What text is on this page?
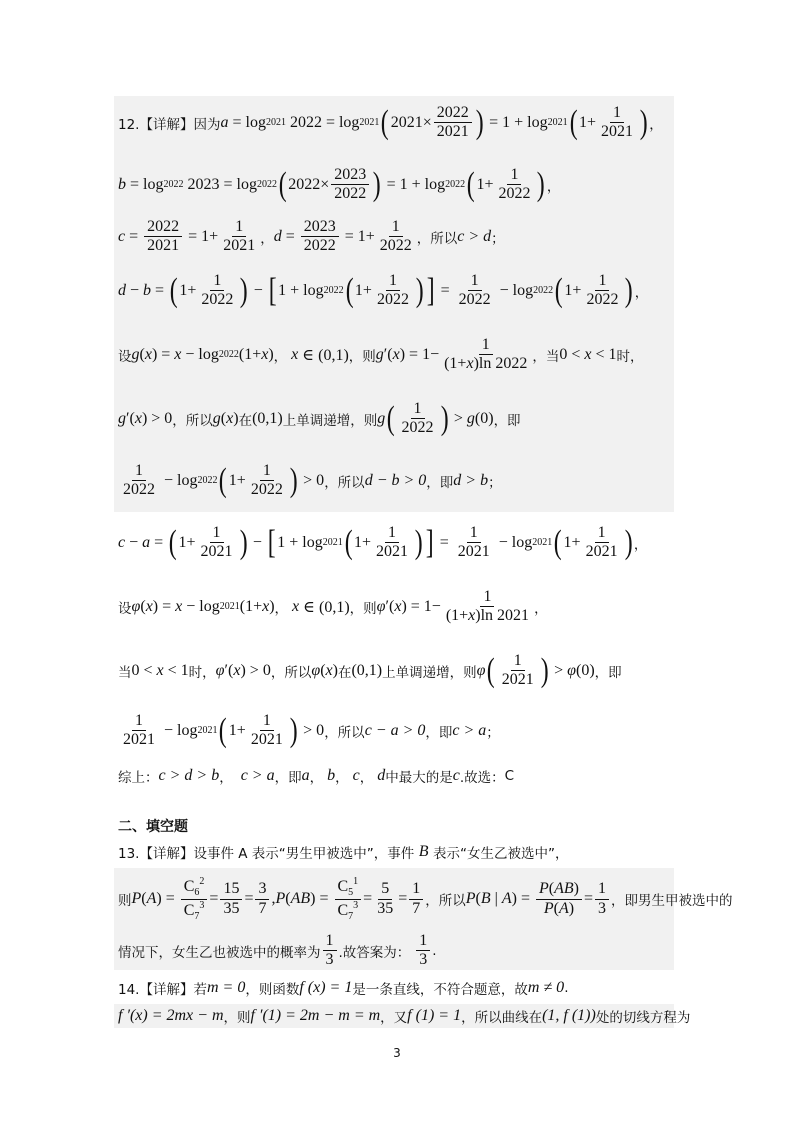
12.【详解】因为 a = log 2021 2022 = log 2021 ( $2021\times \frac{2022}{2021}$ ) = 1 + log 2021 ( $1+ \frac{1}{2021}$ ) ，
b = log 2022 2023 = log 2022 ( $2022\times \frac{2023}{2022}$ ) = 1 + log 2022 ( $1+ \frac{1}{2022}$ ) ，
$c = \frac{2022}{2021} = 1+ \frac{1}{2021}$ ， $d = \frac{2023}{2022} = 1+ \frac{1}{2022}$ ，所以 c > d ；
d − b = ( $1+ \frac{1}{2022}$ ) − [ 1 + log 2022 ( $1+ \frac{1}{2022}$ ) ] = $\frac{1}{2022} - \log 2022$ ( $1+ \frac{1}{2022}$ ) ，
设 g ( x ) = x − log 2022 (1+ x ) ，
x ∈ (0,1) ，则 g ′( x ) = $1- \frac{1}{(1+x)\ln 2022}$ ，当 0 < x < 1 时，
g ′( x ) > 0 ，所以 g ( x ) 在 (0,1) 上单调递增，则 g ( $\frac{1}{2022}$ ) > g (0) ，即
$\frac{1}{2022} - \log 2022$ ( $1+ \frac{1}{2022}$ ) > 0 ，所以 d − b > 0 ，即 d > b ；
c − a = ( $1+ \frac{1}{2021}$ ) − [ 1 + log 2021 ( $1+ \frac{1}{2021}$ ) ] = $\frac{1}{2021} - \log 2021$ ( $1+ \frac{1}{2021}$ ) ，
设 φ ( x ) = x − log 2021 (1+ x ) ，
x ∈ (0,1) ，则 φ ′( x ) = $1- \frac{1}{(1+x)\ln 2021}$ ，
当 0 < x < 1 时， φ ′( x ) > 0 ，所以 φ ( x ) 在 (0,1) 上单调递增，则 φ ( $\frac{1}{2021}$ ) > φ (0) ，即
$\frac{1}{2021} - \log 2021$ ( $1+ \frac{1}{2021}$ ) > 0 ，所以 c − a > 0 ，即 c > a ；
综上： c > d > b ，
c > a ，即 a ，
b ，
c ，
d 中最大的是 c .故选： C
二、填空题
13.【详解】设事件 A 表示“男生甲被选中”，事件
B
表示“女生乙被选中”，
则 P ( A ) = $\frac{C_6^2}{C_7^3} = \frac{15}{35} = \frac{3}{7}$ , P ( AB ) = $\frac{C_5^1}{C_7^3} = \frac{5}{35} = \frac{1}{7}$ ，所以 P ( B | A ) = $\frac{P(AB)}{P(A)} = \frac{1}{3}$ ，即男生甲被选中的
情况下，女生乙也被选中的概率为 $\frac{1}{3}$ .故答案为：
$\frac{1}{3}$ .
14.【详解】若 m = 0 ，则函数 f (x) = 1 是一条直线，不符合题意，故 m ≠ 0 .
f ′(x) = 2mx − m ，则 f ′(1) = 2m − m = m ，又 f (1) = 1 ，所以曲线在 (1, f (1)) 处的切线方程为
3
